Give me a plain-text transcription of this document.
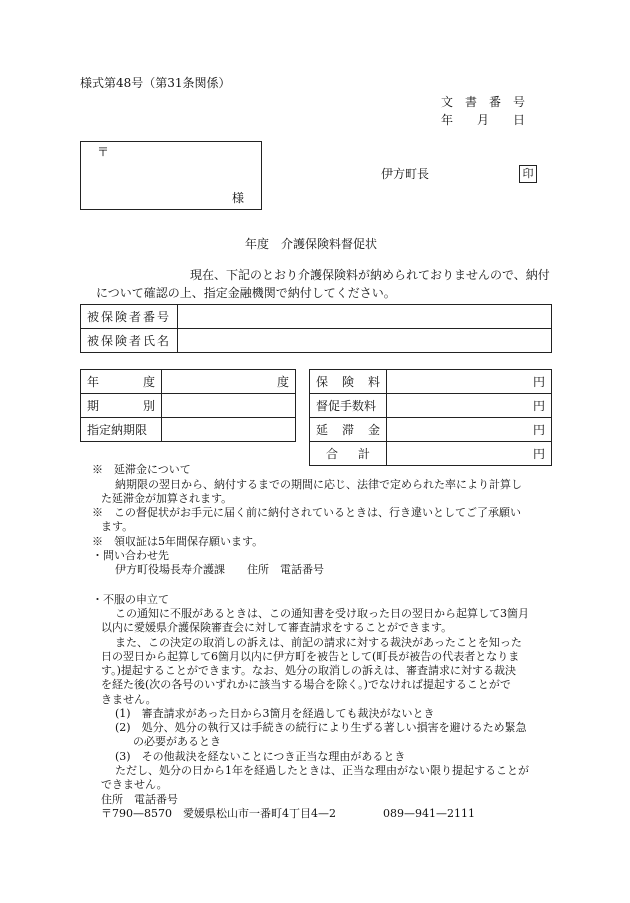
様式第48号（第31条関係）
文　書　番　号
年　　月　　日
〒
様
伊方町長	印
年度　介護保険料督促状
現在、下記のとおり介護保険料が納められておりませんので、納付
について確認の上、指定金融機関で納付してください。
被保険者番号	
被保険者氏名	
年 度	度

期 別	

指定納期限	
保 険 料	円
督促手数料	円

延 滞 金	円

合 計	円
※　延滞金について
納期限の翌日から、納付するまでの期間に応じ、法律で定められた率により計算し
た延滞金が加算されます。
※　この督促状がお手元に届く前に納付されているときは、行き違いとしてご了承願い
ます。
※　領収証は5年間保存願います。
・問い合わせ先
伊方町役場長寿介護課　　住所　電話番号
・不服の申立て
この通知に不服があるときは、この通知書を受け取った日の翌日から起算して3箇月
以内に愛媛県介護保険審査会に対して審査請求をすることができます。
また、この決定の取消しの訴えは、前記の請求に対する裁決があったことを知った
日の翌日から起算して6箇月以内に伊方町を被告として(町長が被告の代表者となりま
す。)提起することができます。なお、処分の取消しの訴えは、審査請求に対する裁決
を経た後(次の各号のいずれかに該当する場合を除く。)でなければ提起することがで
きません。
(1)　審査請求があった日から3箇月を経過しても裁決がないとき
(2)　処分、処分の執行又は手続きの続行により生ずる著しい損害を避けるため緊急
の必要があるとき
(3)　その他裁決を経ないことにつき正当な理由があるとき
ただし、処分の日から1年を経過したときは、正当な理由がない限り提起することが
できません。
住所　電話番号
〒790—8570　愛媛県松山市一番町4丁目4—2	089—941—2111
